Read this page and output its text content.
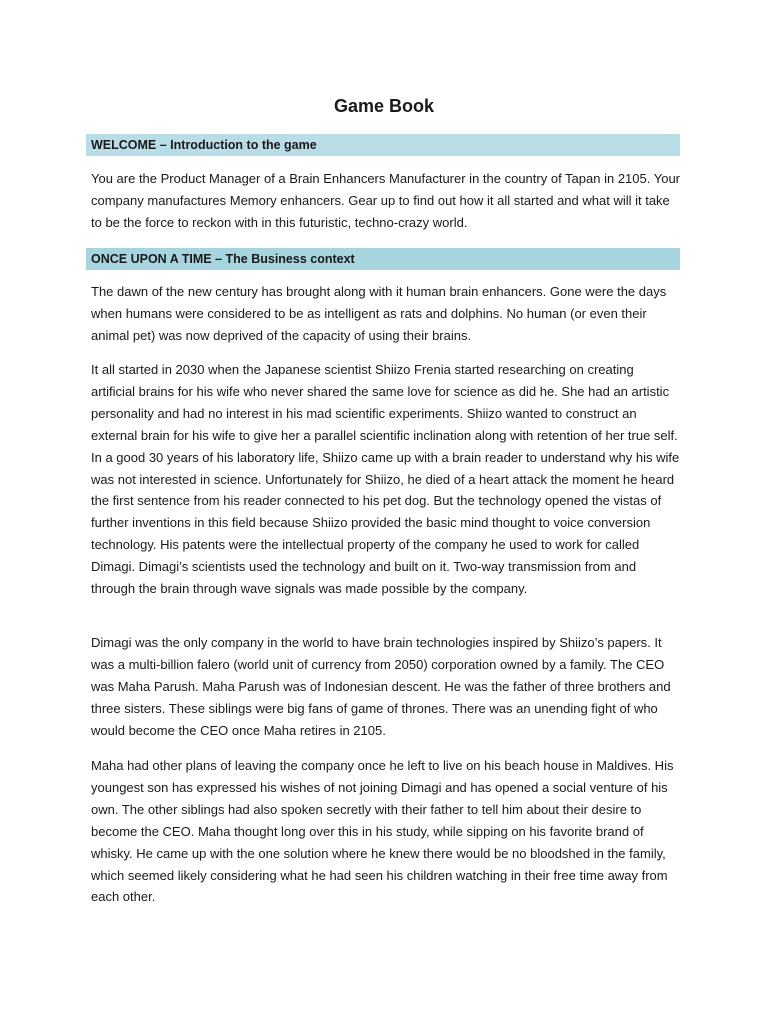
Game Book
WELCOME – Introduction to the game

You are the Product Manager of a Brain Enhancers Manufacturer in the country of Tapan in 2105. Your company manufactures Memory enhancers. Gear up to find out how it all started and what will it take to be the force to reckon with in this futuristic, techno-crazy world.

ONCE UPON A TIME – The Business context

The dawn of the new century has brought along with it human brain enhancers. Gone were the days when humans were considered to be as intelligent as rats and dolphins. No human (or even their animal pet) was now deprived of the capacity of using their brains.

It all started in 2030 when the Japanese scientist Shiizo Frenia started researching on creating artificial brains for his wife who never shared the same love for science as did he. She had an artistic personality and had no interest in his mad scientific experiments. Shiizo wanted to construct an external brain for his wife to give her a parallel scientific inclination along with retention of her true self. In a good 30 years of his laboratory life, Shiizo came up with a brain reader to understand why his wife was not interested in science. Unfortunately for Shiizo, he died of a heart attack the moment he heard the first sentence from his reader connected to his pet dog. But the technology opened the vistas of further inventions in this field because Shiizo provided the basic mind thought to voice conversion technology. His patents were the intellectual property of the company he used to work for called Dimagi. Dimagi’s scientists used the technology and built on it. Two-way transmission from and through the brain through wave signals was made possible by the company.

Dimagi was the only company in the world to have brain technologies inspired by Shiizo’s papers. It was a multi-billion falero (world unit of currency from 2050) corporation owned by a family. The CEO was Maha Parush. Maha Parush was of Indonesian descent. He was the father of three brothers and three sisters. These siblings were big fans of game of thrones. There was an unending fight of who would become the CEO once Maha retires in 2105.

Maha had other plans of leaving the company once he left to live on his beach house in Maldives. His youngest son has expressed his wishes of not joining Dimagi and has opened a social venture of his own. The other siblings had also spoken secretly with their father to tell him about their desire to become the CEO. Maha thought long over this in his study, while sipping on his favorite brand of whisky. He came up with the one solution where he knew there would be no bloodshed in the family, which seemed likely considering what he had seen his children watching in their free time away from each other.
